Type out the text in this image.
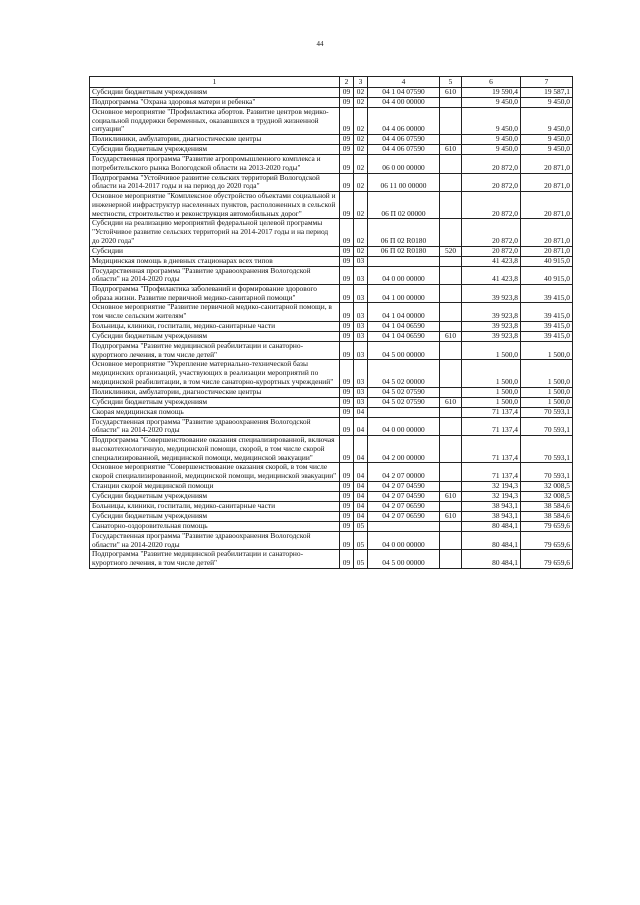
44
1	2	3	4	5	6	7
Субсидии бюджетным учреждениям	09	02	04 1 04 07590	610	19 590,4	19 587,1
Подпрограмма "Охрана здоровья матери и ребенка"	09	02	04 4 00 00000		9 450,0	9 450,0
Основное мероприятие "Профилактика абортов. Развитие центров медико-социальной поддержки беременных, оказавшихся в трудной жизненной ситуации"	09	02	04 4 06 00000		9 450,0	9 450,0
Поликлиники, амбулатории, диагностические центры	09	02	04 4 06 07590		9 450,0	9 450,0
Субсидии бюджетным учреждениям	09	02	04 4 06 07590	610	9 450,0	9 450,0
Государственная программа "Развитие агропромышленного комплекса и потребительского рынка Вологодской области на 2013-2020 годы"	09	02	06 0 00 00000		20 872,0	20 871,0
Подпрограмма "Устойчивое развитие сельских территорий Вологодской области на 2014-2017 годы и на период до 2020 года"	09	02	06 11 00 00000		20 872,0	20 871,0
Основное мероприятие "Комплексное обустройство объектами социальной и инженерной инфраструктур населенных пунктов, расположенных в сельской местности, строительство и реконструкция автомобильных дорог"	09	02	06 П 02 00000		20 872,0	20 871,0
Субсидии на реализацию мероприятий федеральной целевой программы "Устойчивое развитие сельских территорий на 2014-2017 годы и на период до 2020 года"	09	02	06 П 02 R0180		20 872,0	20 871,0
Субсидии	09	02	06 П 02 R0180	520	20 872,0	20 871,0
Медицинская помощь в дневных стационарах всех типов	09	03			41 423,8	40 915,0
Государственная программа "Развитие здравоохранения Вологодской области" на 2014-2020 годы	09	03	04 0 00 00000		41 423,8	40 915,0
Подпрограмма "Профилактика заболеваний и формирование здорового образа жизни. Развитие первичной медико-санитарной помощи"	09	03	04 1 00 00000		39 923,8	39 415,0
Основное мероприятие "Развитие первичной медико-санитарной помощи, в том числе сельским жителям"	09	03	04 1 04 00000		39 923,8	39 415,0
Больницы, клиники, госпитали, медико-санитарные части	09	03	04 1 04 06590		39 923,8	39 415,0
Субсидии бюджетным учреждениям	09	03	04 1 04 06590	610	39 923,8	39 415,0
Подпрограмма "Развитие медицинской реабилитации и санаторно-курортного лечения, в том числе детей"	09	03	04 5 00 00000		1 500,0	1 500,0
Основное мероприятие "Укрепление материально-технической базы медицинских организаций, участвующих в реализации мероприятий по медицинской реабилитации, в том числе санаторно-курортных учреждений"	09	03	04 5 02 00000		1 500,0	1 500,0
Поликлиники, амбулатории, диагностические центры	09	03	04 5 02 07590		1 500,0	1 500,0
Субсидии бюджетным учреждениям	09	03	04 5 02 07590	610	1 500,0	1 500,0
Скорая медицинская помощь	09	04			71 137,4	70 593,1
Государственная программа "Развитие здравоохранения Вологодской области" на 2014-2020 годы	09	04	04 0 00 00000		71 137,4	70 593,1
Подпрограмма "Совершенствование оказания специализированной, включая высокотехнологичную, медицинской помощи, скорой, в том числе скорой специализированной, медицинской помощи, медицинской эвакуации"	09	04	04 2 00 00000		71 137,4	70 593,1
Основное мероприятие "Совершенствование оказания скорой, в том числе скорой специализированной, медицинской помощи, медицинской эвакуации"	09	04	04 2 07 00000		71 137,4	70 593,1
Станции скорой медицинской помощи	09	04	04 2 07 04590		32 194,3	32 008,5
Субсидии бюджетным учреждениям	09	04	04 2 07 04590	610	32 194,3	32 008,5
Больницы, клиники, госпитали, медико-санитарные части	09	04	04 2 07 06590		38 943,1	38 584,6
Субсидии бюджетным учреждениям	09	04	04 2 07 06590	610	38 943,1	38 584,6
Санаторно-оздоровительная помощь	09	05			80 484,1	79 659,6
Государственная программа "Развитие здравоохранения Вологодской области" на 2014-2020 годы	09	05	04 0 00 00000		80 484,1	79 659,6
Подпрограмма "Развитие медицинской реабилитации и санаторно-курортного лечения, в том числе детей"	09	05	04 5 00 00000		80 484,1	79 659,6
